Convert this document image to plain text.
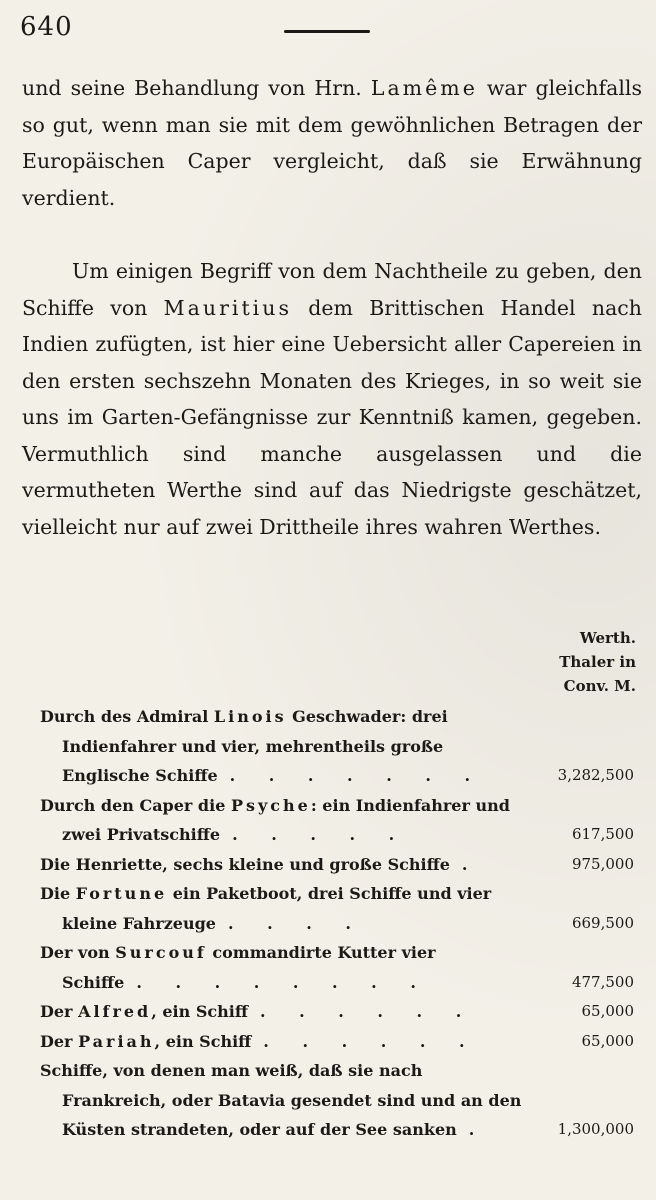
640
und seine Behandlung von Hrn. Lamême war gleichfalls so gut, wenn man sie mit dem gewöhnlichen Betragen der Europäischen Caper vergleicht, daß sie Erwähnung verdient.
Um einigen Begriff von dem Nachtheile zu geben, den Schiffe von Mauritius dem Brittischen Handel nach Indien zufügten, ist hier eine Uebersicht aller Capereien in den ersten sechszehn Monaten des Krieges, in so weit sie uns im Garten-Gefängnisse zur Kenntniß kamen, gegeben. Vermuthlich sind manche ausgelassen und die vermutheten Werthe sind auf das Niedrigste geschätzet, vielleicht nur auf zwei Drittheile ihres wahren Werthes.
Werth.
Thaler in
Conv. M.
Durch des Admiral Linois Geschwader: drei Indienfahrer und vier, mehrentheils große Englische Schiffe . . . . . . .	3,282,500
Durch den Caper die Psyche: ein Indienfahrer und zwei Privatschiffe . . . . .	617,500
Die Henriette, sechs kleine und große Schiffe .	975,000
Die Fortune ein Paketboot, drei Schiffe und vier kleine Fahrzeuge . . . .	669,500
Der von Surcouf commandirte Kutter vier Schiffe . . . . . . . .	477,500
Der Alfred, ein Schiff . . . . . .	65,000
Der Pariah, ein Schiff . . . . . .	65,000
Schiffe, von denen man weiß, daß sie nach Frankreich, oder Batavia gesendet sind und an den Küsten strandeten, oder auf der See sanken .	1,300,000
